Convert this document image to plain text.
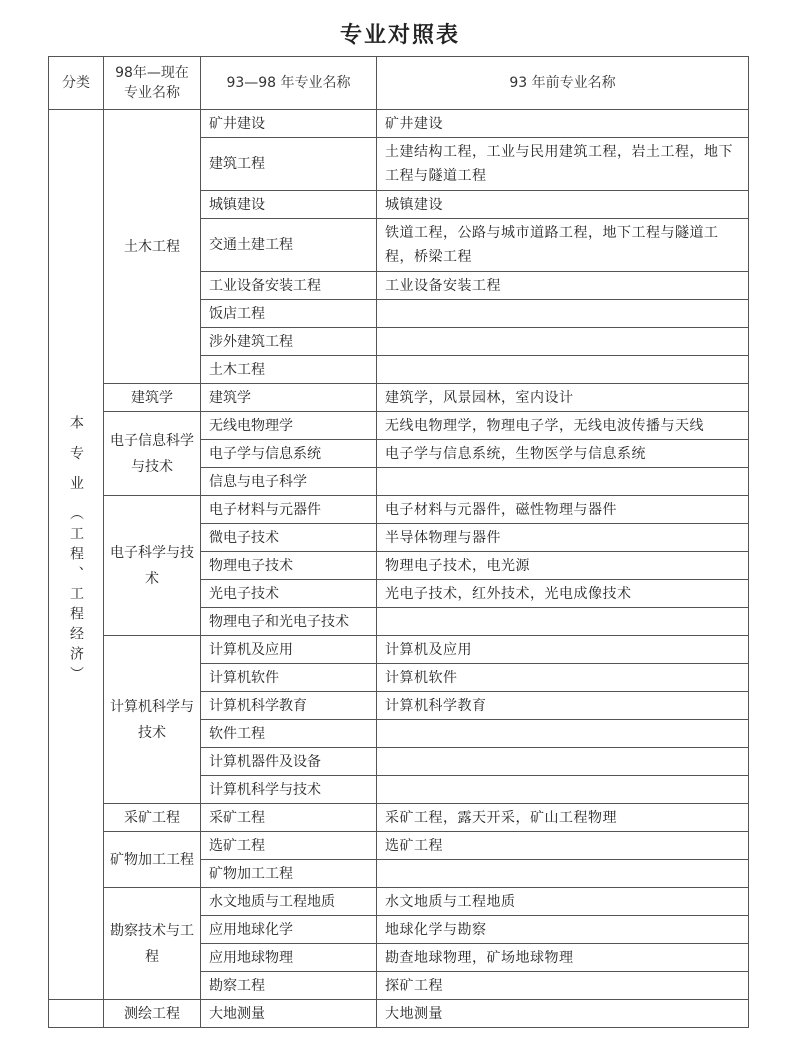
专业对照表
分类	98年—现在专业名称	93—98 年专业名称	93 年前专业名称
本 专 业 （工程、工程经济）	土木工程	矿井建设	矿井建设
		建筑工程	土建结构工程，工业与民用建筑工程，岩土工程，地下工程与隧道工程
		城镇建设	城镇建设
		交通土建工程	铁道工程，公路与城市道路工程，地下工程与隧道工程，桥梁工程
		工业设备安装工程	工业设备安装工程
		饭店工程	
		涉外建筑工程	
		土木工程	
	建筑学	建筑学	建筑学，风景园林，室内设计
	电子信息科学与技术	无线电物理学	无线电物理学，物理电子学，无线电波传播与天线
		电子学与信息系统	电子学与信息系统，生物医学与信息系统
		信息与电子科学	
	电子科学与技术	电子材料与元器件	电子材料与元器件，磁性物理与器件
		微电子技术	半导体物理与器件
		物理电子技术	物理电子技术，电光源
		光电子技术	光电子技术，红外技术，光电成像技术
		物理电子和光电子技术	
	计算机科学与技术	计算机及应用	计算机及应用
		计算机软件	计算机软件
		计算机科学教育	计算机科学教育
		软件工程	
		计算机器件及设备	
		计算机科学与技术	
	采矿工程	采矿工程	采矿工程，露天开采，矿山工程物理
	矿物加工工程	选矿工程	选矿工程
		矿物加工工程	
	勘察技术与工程	水文地质与工程地质	水文地质与工程地质
		应用地球化学	地球化学与勘察
		应用地球物理	勘查地球物理，矿场地球物理
		勘察工程	探矿工程
	测绘工程	大地测量	大地测量
